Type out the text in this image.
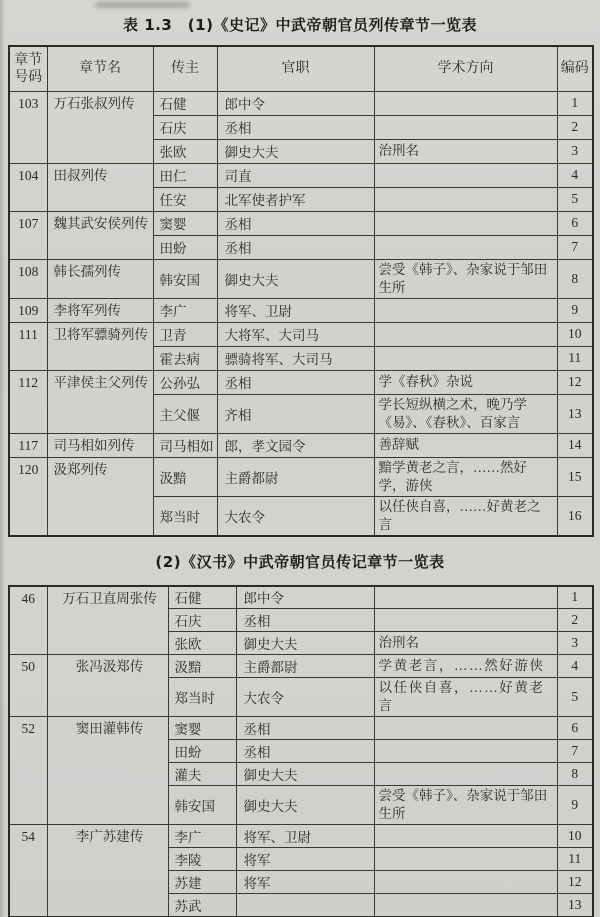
表 1.3　(1)《史记》中武帝朝官员列传章节一览表
章节
号码	章节名	传主	官职	学术方向	编码
103	万石张叔列传	石健	郎中令		1
		石庆	丞相		2
		张欧	御史大夫	治刑名	3
104	田叔列传	田仁	司直		4
		任安	北军使者护军		5
107	魏其武安侯列传	窦婴	丞相		6
		田蚡	丞相		7
108	韩长孺列传	韩安国	御史大夫	尝受《韩子》、杂家说于邹田生所	8
109	李将军列传	李广	将军、卫尉		9
111	卫将军骠骑列传	卫青	大将军、大司马		10
		霍去病	骠骑将军、大司马		11
112	平津侯主父列传	公孙弘	丞相	学《春秋》杂说	12
		主父偃	齐相	学长短纵横之术，晚乃学《易》、《春秋》、百家言	13
117	司马相如列传	司马相如	郎，孝文园令	善辞赋	14
120	汲郑列传	汲黯	主爵都尉	黯学黄老之言，……然好学，游侠	15
		郑当时	大农令	以任侠自喜，……好黄老之言	16
(2)《汉书》中武帝朝官员传记章节一览表
46	万石卫直周张传	石健	郎中令		1
		石庆	丞相		2
		张欧	御史大夫	治刑名	3
50	张冯汲郑传	汲黯	主爵都尉	学黄老言，……然好游侠	4
		郑当时	大农令	以任侠自喜，……好黄老言	5
52	窦田灌韩传	窦婴	丞相		6
		田蚡	丞相		7
		灌夫	御史大夫		8
		韩安国	御史大夫	尝受《韩子》、杂家说于邹田生所	9
54	李广苏建传	李广	将军、卫尉		10
		李陵	将军		11
		苏建	将军		12
		苏武			13
